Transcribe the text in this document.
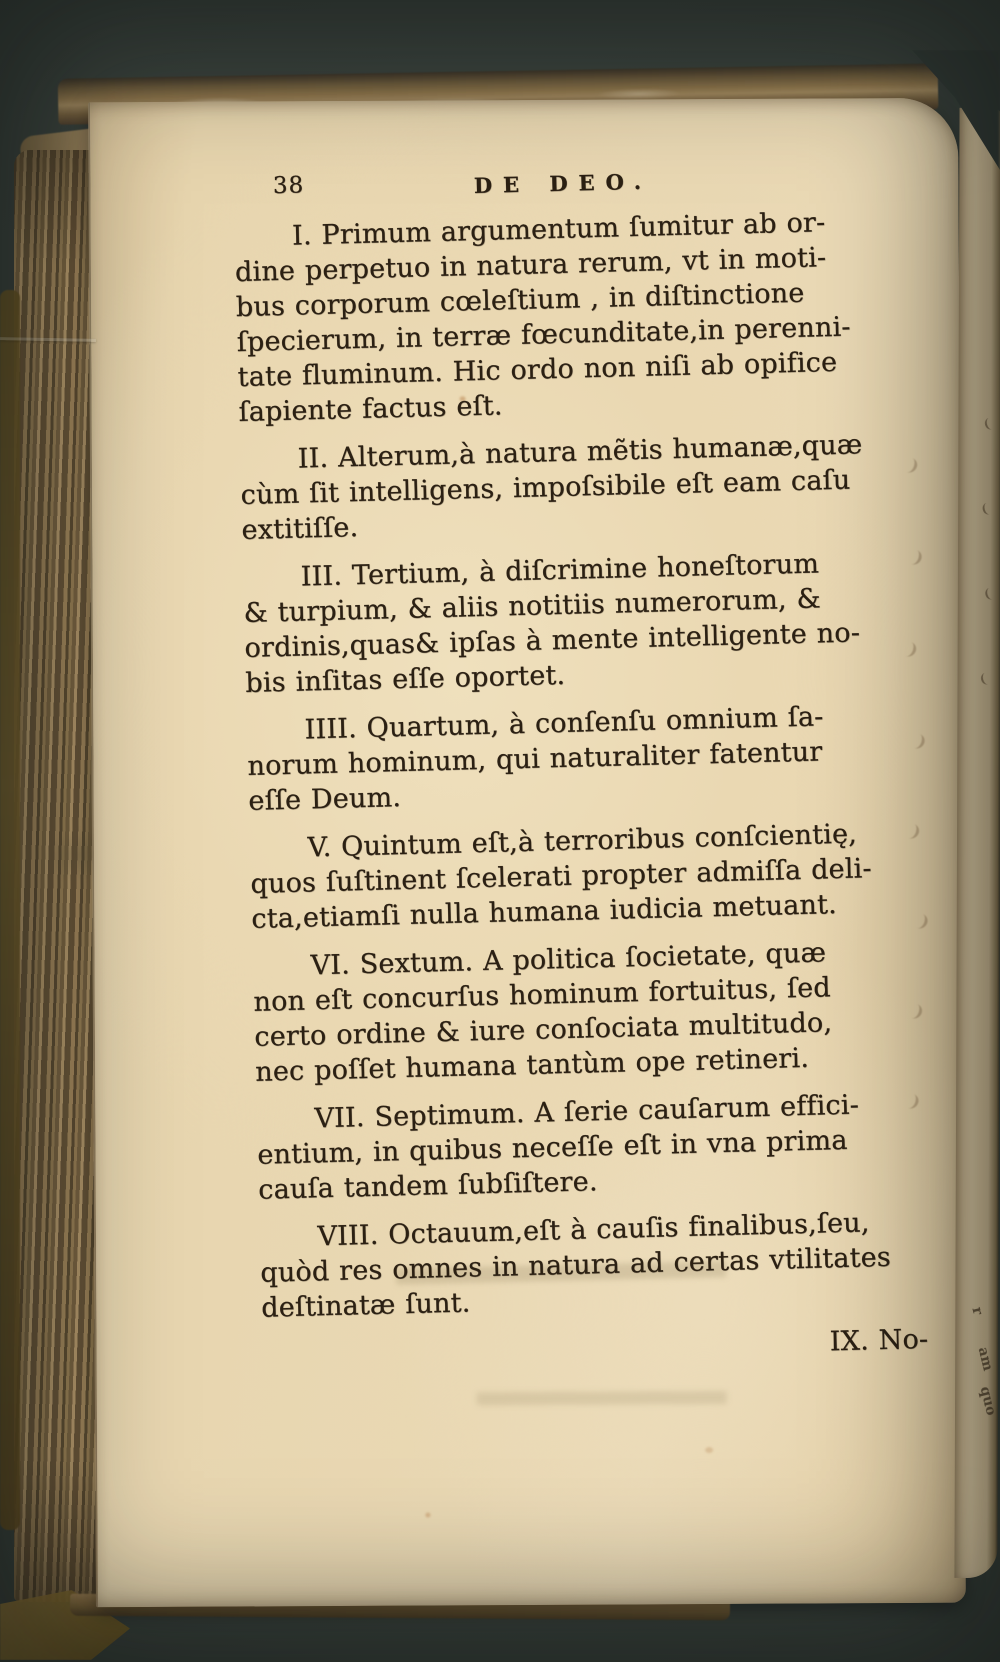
38	DE DEO.
I. Primum argumentum ſumitur ab or-
dine perpetuo in natura rerum, vt in moti-
bus corporum cœleſtium , in diſtinctione
ſpecierum, in terræ fœcunditate,in perenni-
tate fluminum. Hic ordo non niſi ab opifice
ſapiente factus eſt.
II. Alterum,à natura mẽtis humanæ,quæ
cùm ſit intelligens, impoſsibile eſt eam caſu
extitiſſe.
III. Tertium, à diſcrimine honeſtorum
& turpium, & aliis notitiis numerorum, &
ordinis,quas& ipſas à mente intelligente no-
bis inſitas eſſe oportet.
IIII. Quartum, à conſenſu omnium ſa-
norum hominum, qui naturaliter fatentur
eſſe Deum.
V. Quintum eſt,à terroribus conſcientię,
quos ſuſtinent ſcelerati propter admiſſa deli-
cta,etiamſi nulla humana iudicia metuant.
VI. Sextum. A politica ſocietate, quæ
non eſt concurſus hominum fortuitus, ſed
certo ordine & iure conſociata multitudo,
nec poſſet humana tantùm ope retineri.
VII. Septimum. A ſerie cauſarum effici-
entium, in quibus neceſſe eſt in vna prima
cauſa tandem ſubſiſtere.
VIII. Octauum,eſt à cauſis finalibus,ſeu,
quòd res omnes in natura ad certas vtilitates
deſtinatæ ſunt.
IX. No-
r
am
quo
